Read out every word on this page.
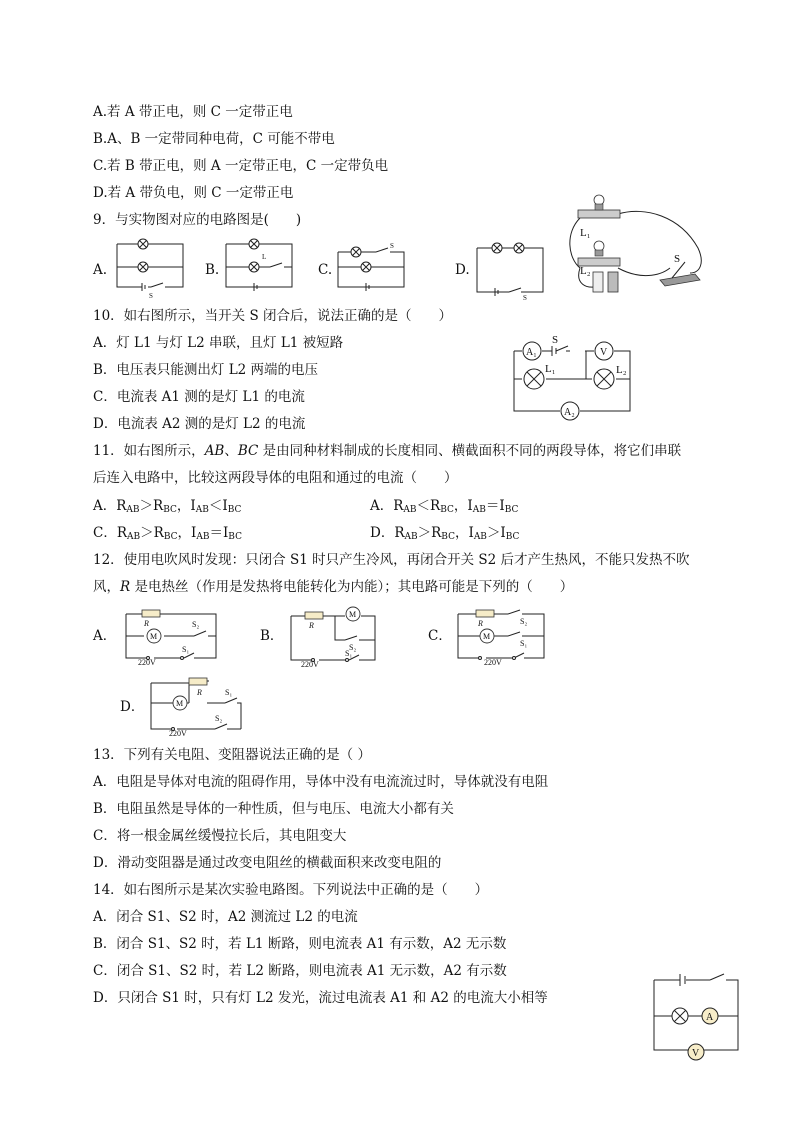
A.若 A 带正电，则 C 一定带正电
B.A、B 一定带同种电荷，C 可能不带电
C.若 B 带正电，则 A 一定带正电，C 一定带负电
D.若 A 带负电，则 C 一定带正电
9．与实物图对应的电路图是(　　)
L₁
L₂
S
A.
S
B.
L
C.
S
D.
S
10．如右图所示，当开关 S 闭合后，说法正确的是（　　）
A．灯 L1 与灯 L2 串联，且灯 L1 被短路
B．电压表只能测出灯 L2 两端的电压
C．电流表 A1 测的是灯 L1 的电流
D．电流表 A2 测的是灯 L2 的电流
A₁
S
V
L₁	L₂
A₂
11．如右图所示，AB、BC 是由同种材料制成的长度相同、横截面积不同的两段导体，将它们串联
后连入电路中，比较这两段导体的电阻和通过的电流（　　）
A．RAB＞RBC，IAB＜IBC	A．RAB＜RBC，IAB＝IBC
C．RAB＞RBC，IAB＝IBC	D．RAB＞RBC，IAB＞IBC
12．使用电吹风时发现：只闭合 S1 时只产生冷风，再闭合开关 S2 后才产生热风，不能只发热不吹
风，R 是电热丝（作用是发热将电能转化为内能）；其电路可能是下列的（　　）
A．	M
R	S₂
S₁
220V
B．
M
R
S₂
S₁
220V
C．	M
R	S₂
S₁
220V
D．	M
R	S₁
S₂
220V
13．下列有关电阻、变阻器说法正确的是（ ）
A．电阻是导体对电流的阻碍作用，导体中没有电流流过时，导体就没有电阻
B．电阻虽然是导体的一种性质，但与电压、电流大小都有关
C．将一根金属丝缓慢拉长后，其电阻变大
D．滑动变阻器是通过改变电阻丝的横截面积来改变电阻的
14．如右图所示是某次实验电路图。下列说法中正确的是（　　）
A．闭合 S1、S2 时，A2 测流过 L2 的电流
B．闭合 S1、S2 时，若 L1 断路，则电流表 A1 有示数，A2 无示数
C．闭合 S1、S2 时，若 L2 断路，则电流表 A1 无示数，A2 有示数
D．只闭合 S1 时，只有灯 L2 发光，流过电流表 A1 和 A2 的电流大小相等
A
V
